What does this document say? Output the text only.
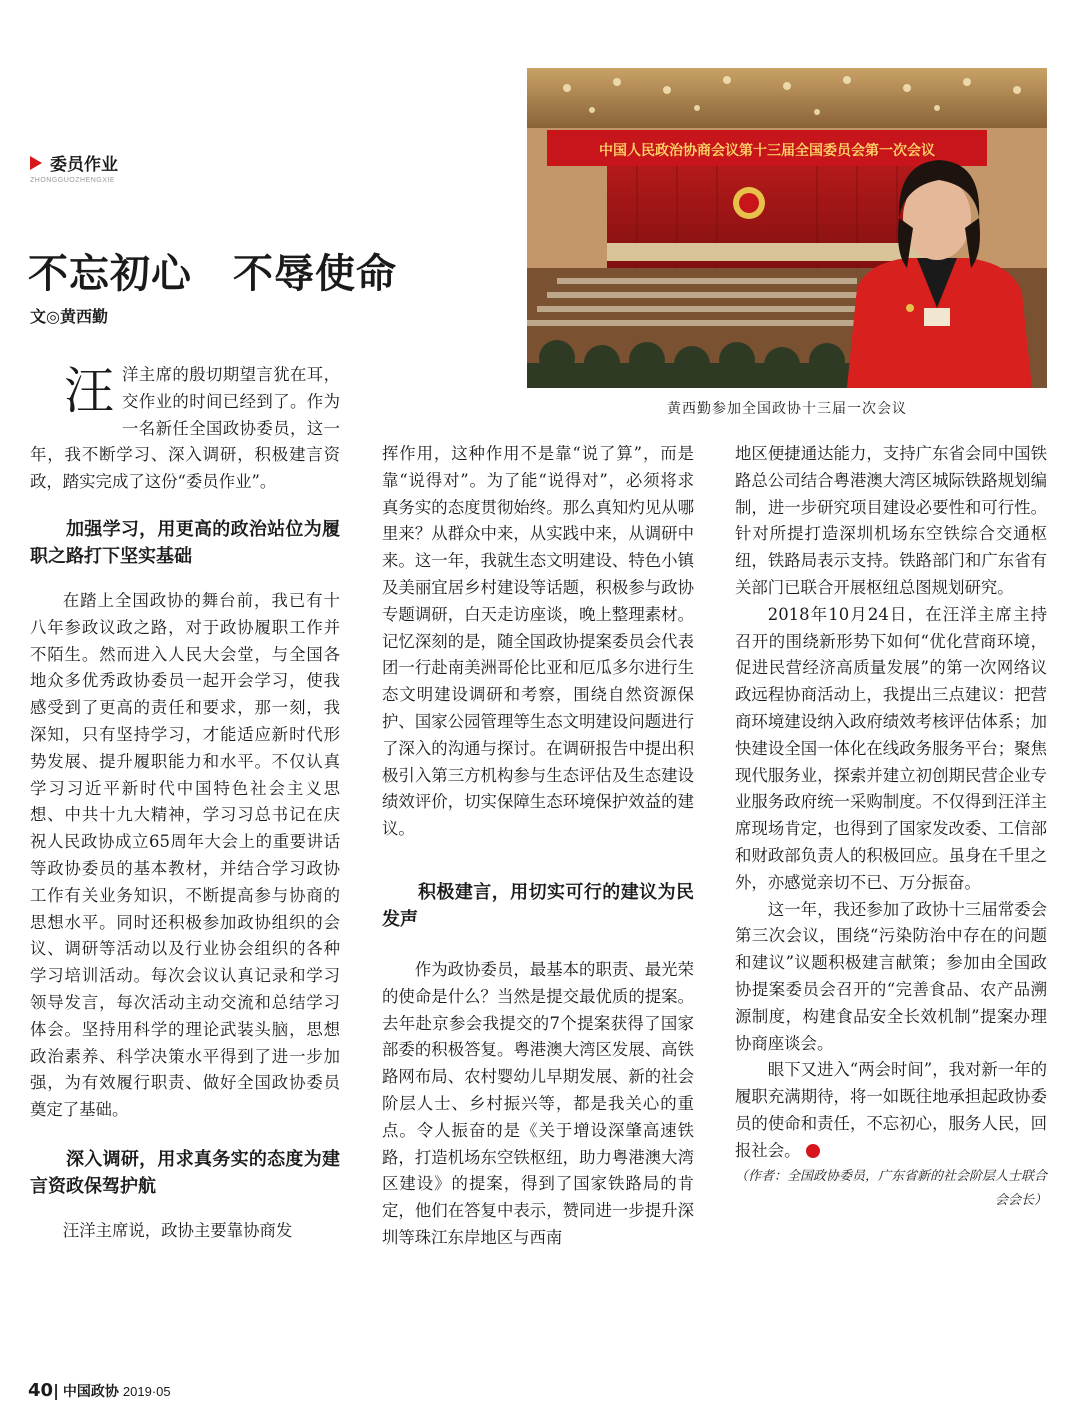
委员作业
ZHONGGUOZHENGXIE
不忘初心　不辱使命
文◎黄西勤
中国人民政治协商会议第十三届全国委员会第一次会议
黄西勤参加全国政协十三届一次会议

汪洋主席的殷切期望言犹在耳，交作业的时间已经到了。作为一名新任全国政协委员，这一年，我不断学习、深入调研，积极建言资政，踏实完成了这份“委员作业”。

加强学习，用更高的政治站位为履职之路打下坚实基础

在踏上全国政协的舞台前，我已有十八年参政议政之路，对于政协履职工作并不陌生。然而进入人民大会堂，与全国各地众多优秀政协委员一起开会学习，使我感受到了更高的责任和要求，那一刻，我深知，只有坚持学习，才能适应新时代形势发展、提升履职能力和水平。不仅认真学习习近平新时代中国特色社会主义思想、中共十九大精神，学习习总书记在庆祝人民政协成立65周年大会上的重要讲话等政协委员的基本教材，并结合学习政协工作有关业务知识，不断提高参与协商的思想水平。同时还积极参加政协组织的会议、调研等活动以及行业协会组织的各种学习培训活动。每次会议认真记录和学习领导发言，每次活动主动交流和总结学习体会。坚持用科学的理论武装头脑，思想政治素养、科学决策水平得到了进一步加强，为有效履行职责、做好全国政协委员奠定了基础。

深入调研，用求真务实的态度为建言资政保驾护航

汪洋主席说，政协主要靠协商发

挥作用，这种作用不是靠“说了算”，而是靠“说得对”。为了能“说得对”，必须将求真务实的态度贯彻始终。那么真知灼见从哪里来？从群众中来，从实践中来，从调研中来。这一年，我就生态文明建设、特色小镇及美丽宜居乡村建设等话题，积极参与政协专题调研，白天走访座谈，晚上整理素材。记忆深刻的是，随全国政协提案委员会代表团一行赴南美洲哥伦比亚和厄瓜多尔进行生态文明建设调研和考察，围绕自然资源保护、国家公园管理等生态文明建设问题进行了深入的沟通与探讨。在调研报告中提出积极引入第三方机构参与生态评估及生态建设绩效评价，切实保障生态环境保护效益的建议。

积极建言，用切实可行的建议为民发声

作为政协委员，最基本的职责、最光荣的使命是什么？当然是提交最优质的提案。去年赴京参会我提交的7个提案获得了国家部委的积极答复。粤港澳大湾区发展、高铁路网布局、农村婴幼儿早期发展、新的社会阶层人士、乡村振兴等，都是我关心的重点。令人振奋的是《关于增设深肇高速铁路，打造机场东空铁枢纽，助力粤港澳大湾区建设》的提案，得到了国家铁路局的肯定，他们在答复中表示，赞同进一步提升深圳等珠江东岸地区与西南

地区便捷通达能力，支持广东省会同中国铁路总公司结合粤港澳大湾区城际铁路规划编制，进一步研究项目建设必要性和可行性。针对所提打造深圳机场东空铁综合交通枢纽，铁路局表示支持。铁路部门和广东省有关部门已联合开展枢纽总图规划研究。

2018年10月24日，在汪洋主席主持召开的围绕新形势下如何“优化营商环境，促进民营经济高质量发展”的第一次网络议政远程协商活动上，我提出三点建议：把营商环境建设纳入政府绩效考核评估体系；加快建设全国一体化在线政务服务平台；聚焦现代服务业，探索并建立初创期民营企业专业服务政府统一采购制度。不仅得到汪洋主席现场肯定，也得到了国家发改委、工信部和财政部负责人的积极回应。虽身在千里之外，亦感觉亲切不已、万分振奋。

这一年，我还参加了政协十三届常委会第三次会议，围绕“污染防治中存在的问题和建议”议题积极建言献策；参加由全国政协提案委员会召开的“完善食品、农产品溯源制度，构建食品安全长效机制”提案办理协商座谈会。

眼下又进入“两会时间”，我对新一年的履职充满期待，将一如既往地承担起政协委员的使命和责任，不忘初心，服务人民，回报社会。	協

（作者：全国政协委员，广东省新的社会阶层人士联合会会长）

40| 中国政协 2019·05
